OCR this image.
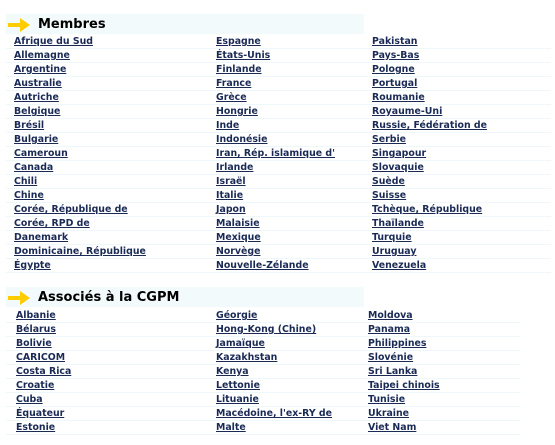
Membres
Afrique du Sud	Espagne	Pakistan
Allemagne	États-Unis	Pays-Bas
Argentine	Finlande	Pologne
Australie	France	Portugal
Autriche	Grèce	Roumanie
Belgique	Hongrie	Royaume-Uni
Brésil	Inde	Russie, Fédération de
Bulgarie	Indonésie	Serbie
Cameroun	Iran, Rép. islamique d'	Singapour
Canada	Irlande	Slovaquie
Chili	Israël	Suède
Chine	Italie	Suisse
Corée, République de	Japon	Tchèque, République
Corée, RPD de	Malaisie	Thaïlande
Danemark	Mexique	Turquie
Dominicaine, République	Norvège	Uruguay
Égypte	Nouvelle-Zélande	Venezuela
Associés à la CGPM
Albanie	Géorgie	Moldova
Bélarus	Hong-Kong (Chine)	Panama
Bolivie	Jamaïque	Philippines
CARICOM	Kazakhstan	Slovénie
Costa Rica	Kenya	Sri Lanka
Croatie	Lettonie	Taipei chinois
Cuba	Lituanie	Tunisie
Équateur	Macédoine, l'ex-RY de	Ukraine
Estonie	Malte	Viet Nam
